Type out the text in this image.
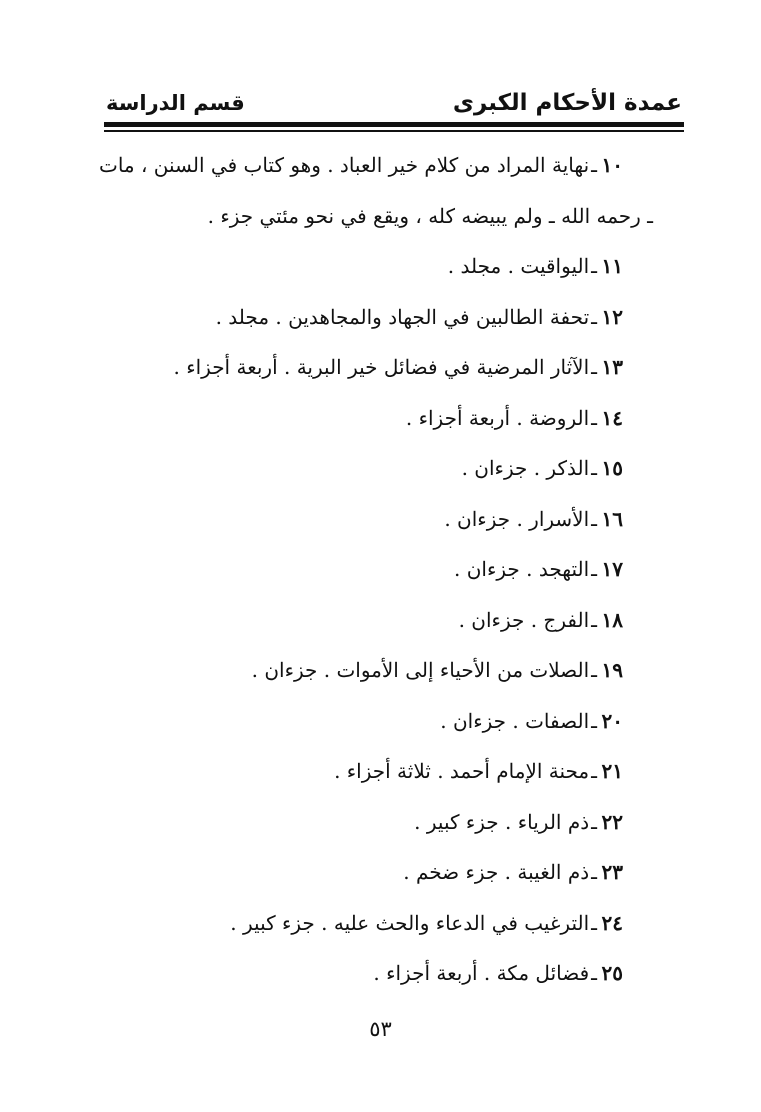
عمدة الأحكام الكبرى
قسم الدراسة
١٠ـنهاية المراد من كلام خير العباد . وهو كتاب في السنن ، مات
ـ رحمه الله ـ ولم يبيضه كله ، ويقع في نحو مئتي جزء .
١١ـاليواقيت . مجلد .
١٢ـتحفة الطالبين في الجهاد والمجاهدين . مجلد .
١٣ـالآثار المرضية في فضائل خير البرية . أربعة أجزاء .
١٤ـالروضة . أربعة أجزاء .
١٥ـالذكر . جزءان .
١٦ـالأسرار . جزءان .
١٧ـالتهجد . جزءان .
١٨ـالفرج . جزءان .
١٩ـالصلات من الأحياء إلى الأموات . جزءان .
٢٠ـالصفات . جزءان .
٢١ـمحنة الإمام أحمد . ثلاثة أجزاء .
٢٢ـذم الرياء . جزء كبير .
٢٣ـذم الغيبة . جزء ضخم .
٢٤ـالترغيب في الدعاء والحث عليه . جزء كبير .
٢٥ـفضائل مكة . أربعة أجزاء .
٥٣
